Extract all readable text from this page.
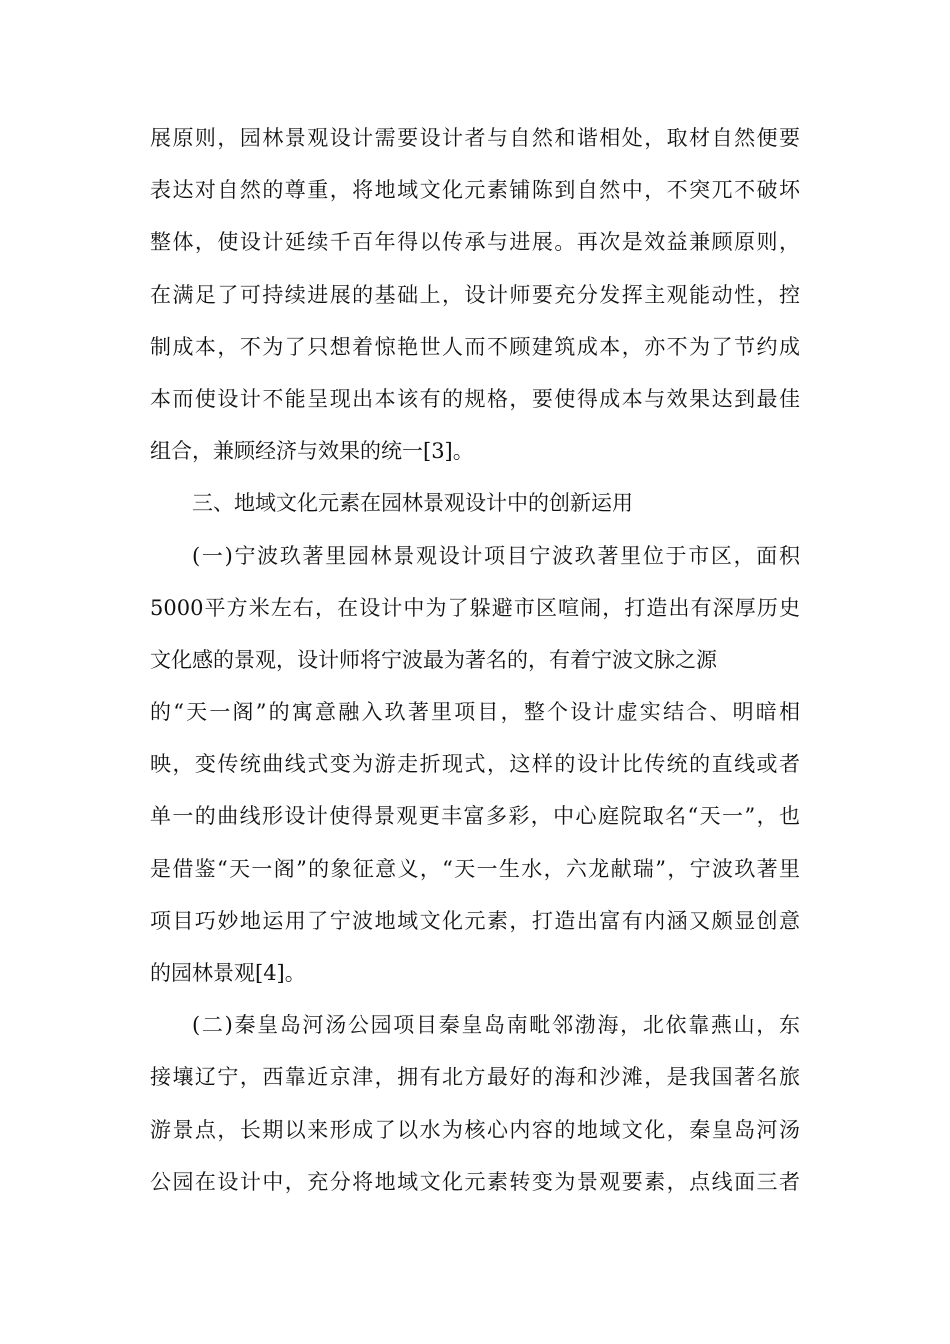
展原则，园林景观设计需要设计者与自然和谐相处，取材自然便要
表达对自然的尊重，将地域文化元素铺陈到自然中，不突兀不破坏
整体，使设计延续千百年得以传承与进展。再次是效益兼顾原则，
在满足了可持续进展的基础上，设计师要充分发挥主观能动性，控
制成本，不为了只想着惊艳世人而不顾建筑成本，亦不为了节约成
本而使设计不能呈现出本该有的规格，要使得成本与效果达到最佳
组合，兼顾经济与效果的统一[3]。
三、地域文化元素在园林景观设计中的创新运用
(一)宁波玖著里园林景观设计项目宁波玖著里位于市区，面积
5000平方米左右，在设计中为了躲避市区喧闹，打造出有深厚历史
文化感的景观，设计师将宁波最为著名的，有着宁波文脉之源
的“天一阁”的寓意融入玖著里项目，整个设计虚实结合、明暗相
映，变传统曲线式变为游走折现式，这样的设计比传统的直线或者
单一的曲线形设计使得景观更丰富多彩，中心庭院取名“天一”，也
是借鉴“天一阁”的象征意义，“天一生水，六龙献瑞”，宁波玖著里
项目巧妙地运用了宁波地域文化元素，打造出富有内涵又颇显创意
的园林景观[4]。
(二)秦皇岛河汤公园项目秦皇岛南毗邻渤海，北依靠燕山，东
接壤辽宁，西靠近京津，拥有北方最好的海和沙滩，是我国著名旅
游景点，长期以来形成了以水为核心内容的地域文化，秦皇岛河汤
公园在设计中，充分将地域文化元素转变为景观要素，点线面三者
